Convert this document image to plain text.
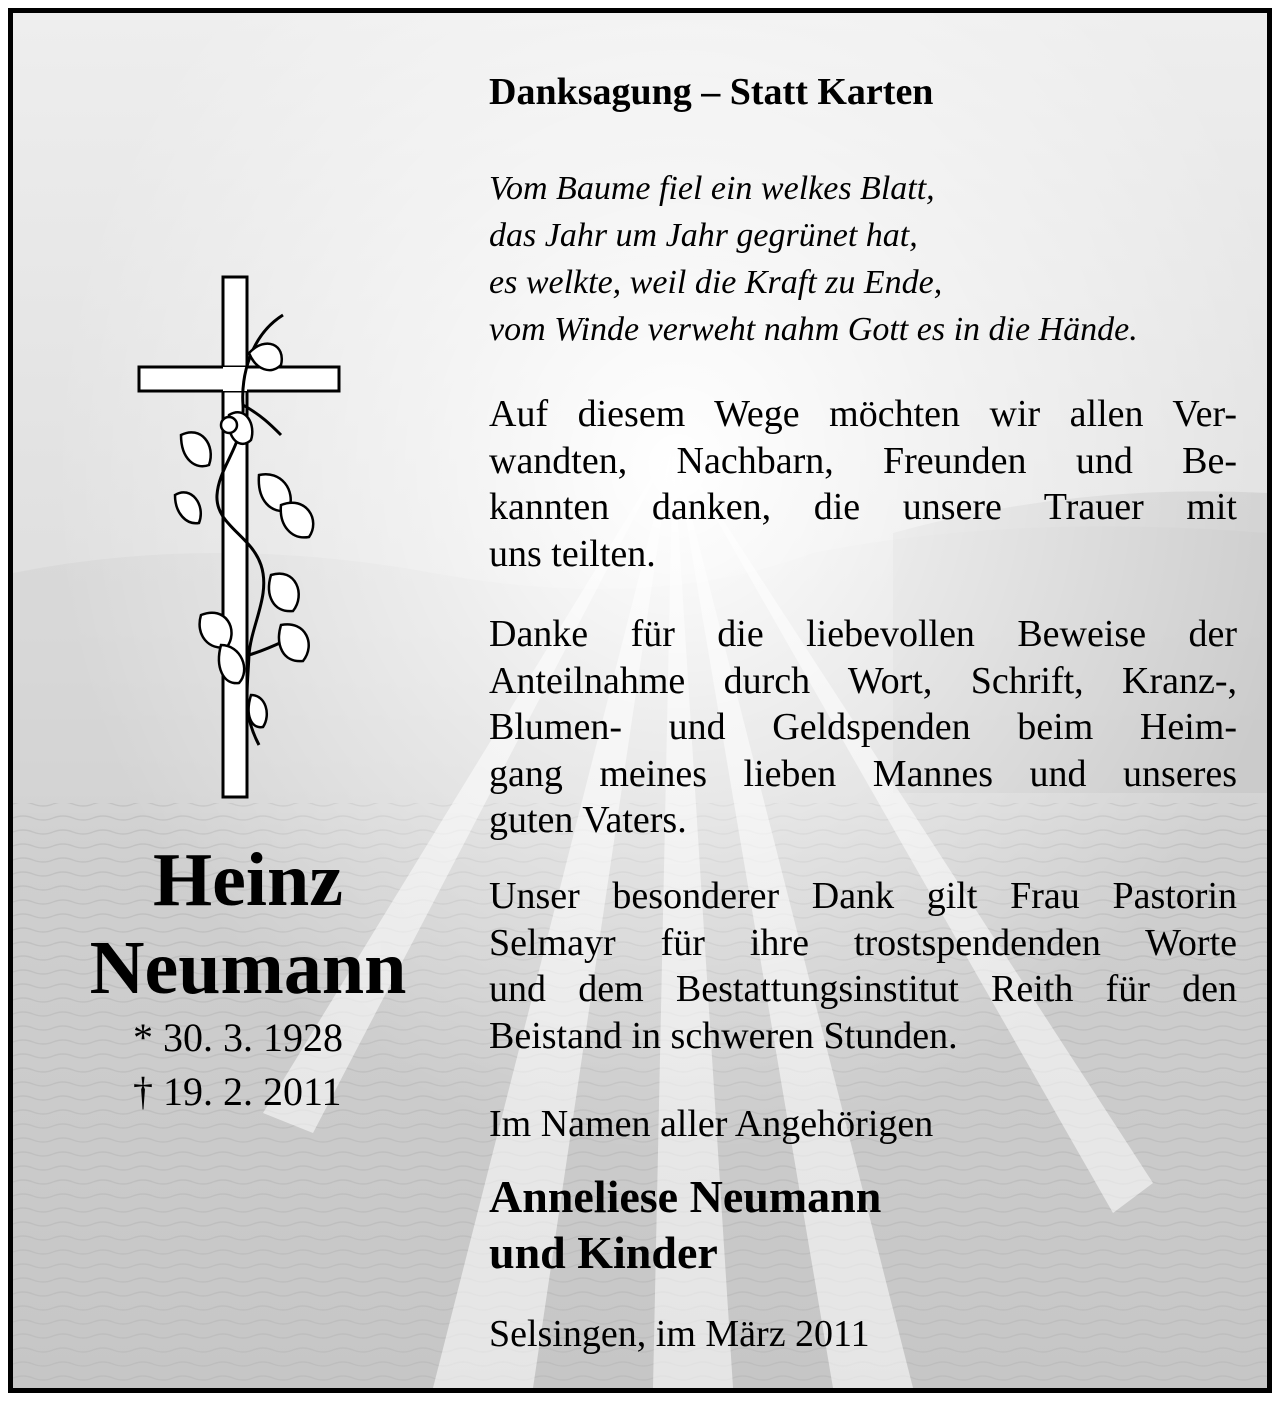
Heinz
Neumann

* 30. 3. 1928

† 19. 2. 2011

Danksagung – Statt Karten
Vom Baume fiel ein welkes Blatt,
das Jahr um Jahr gegrünet hat,
es welkte, weil die Kraft zu Ende,
vom Winde verweht nahm Gott es in die Hände.

Auf diesem Wege möchten wir allen Ver-
wandten, Nachbarn, Freunden und Be-
kannten danken, die unsere Trauer mit
uns teilten.

Danke für die liebevollen Beweise der
Anteilnahme durch Wort, Schrift, Kranz-,
Blumen- und Geldspenden beim Heim-
gang meines lieben Mannes und unseres
guten Vaters.

Unser besonderer Dank gilt Frau Pastorin
Selmayr für ihre trostspendenden Worte
und dem Bestattungsinstitut Reith für den
Beistand in schweren Stunden.

Im Namen aller Angehörigen

Anneliese Neumann
und Kinder

Selsingen, im März 2011
